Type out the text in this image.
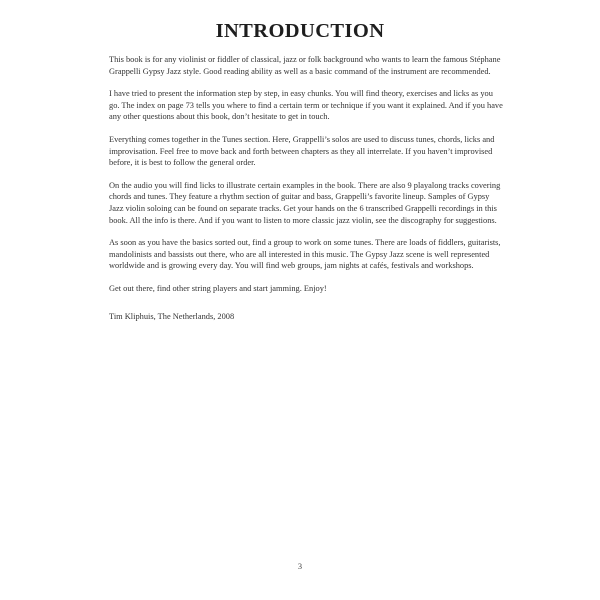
INTRODUCTION

This book is for any violinist or fiddler of classical, jazz or folk background who wants to learn the famous Stéphane Grappelli Gypsy Jazz style. Good reading ability as well as a basic command of the instrument are recommended.

I have tried to present the information step by step, in easy chunks. You will find theory, exercises and licks as you go. The index on page 73 tells you where to find a certain term or technique if you want it explained. And if you have any other questions about this book, don’t hesitate to get in touch.

Everything comes together in the Tunes section. Here, Grappelli’s solos are used to discuss tunes, chords, licks and improvisation. Feel free to move back and forth between chapters as they all interrelate. If you haven’t improvised before, it is best to follow the general order.

On the audio you will find licks to illustrate certain examples in the book. There are also 9 playalong tracks covering chords and tunes. They feature a rhythm section of guitar and bass, Grappelli’s favorite lineup. Samples of Gypsy Jazz violin soloing can be found on separate tracks. Get your hands on the 6 transcribed Grappelli recordings in this book. All the info is there. And if you want to listen to more classic jazz violin, see the discography for suggestions.

As soon as you have the basics sorted out, find a group to work on some tunes. There are loads of fiddlers, guitarists, mandolinists and bassists out there, who are all interested in this music. The Gypsy Jazz scene is well represented worldwide and is growing every day. You will find web groups, jam nights at cafés, festivals and workshops.

Get out there, find other string players and start jamming. Enjoy!

Tim Kliphuis, The Netherlands, 2008

3
